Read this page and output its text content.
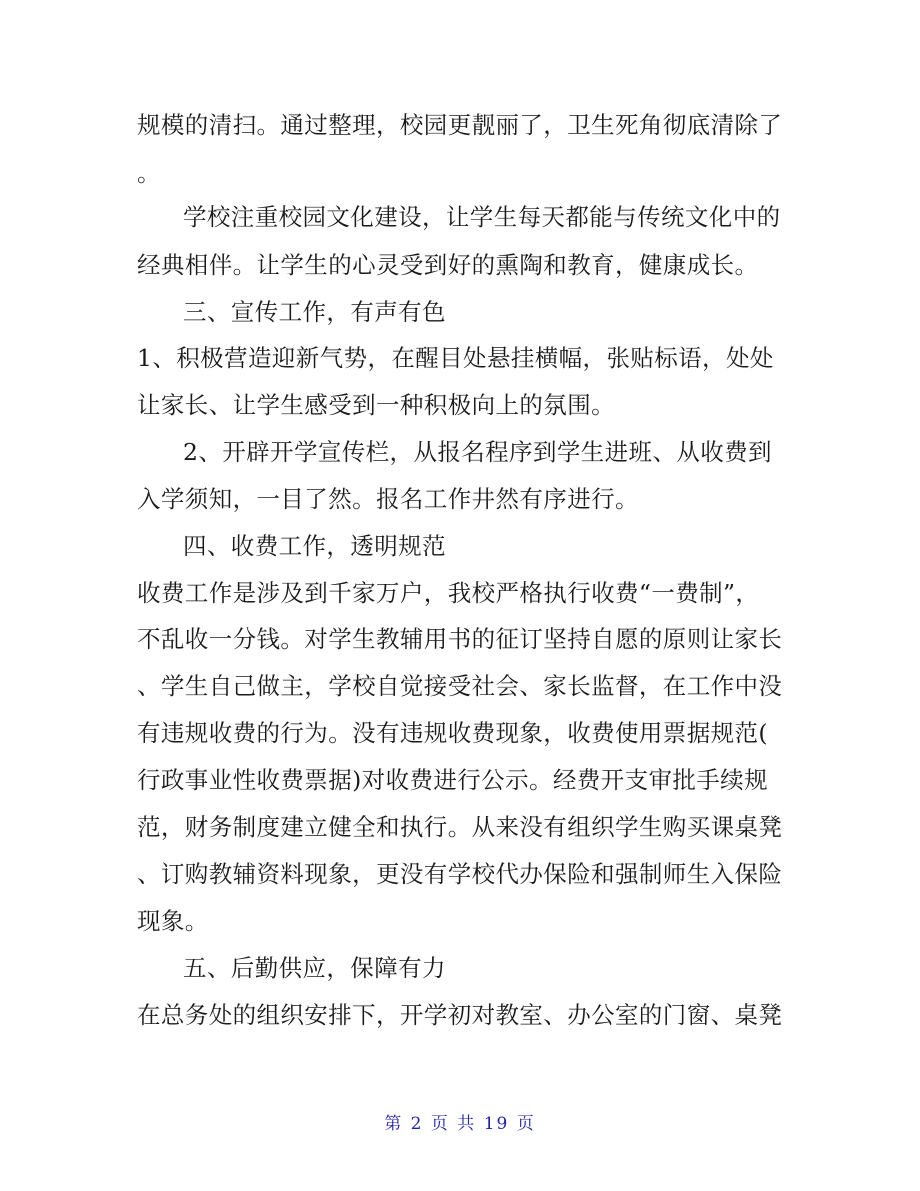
规模的清扫。通过整理，校园更靓丽了，卫生死角彻底清除了
。
学校注重校园文化建设，让学生每天都能与传统文化中的
经典相伴。让学生的心灵受到好的熏陶和教育，健康成长。
三、宣传工作，有声有色
1、积极营造迎新气势，在醒目处悬挂横幅，张贴标语，处处
让家长、让学生感受到一种积极向上的氛围。
2、开辟开学宣传栏，从报名程序到学生进班、从收费到
入学须知，一目了然。报名工作井然有序进行。
四、收费工作，透明规范
收费工作是涉及到千家万户，我校严格执行收费“一费制”，
不乱收一分钱。对学生教辅用书的征订坚持自愿的原则让家长
、学生自己做主，学校自觉接受社会、家长监督，在工作中没
有违规收费的行为。没有违规收费现象，收费使用票据规范(
行政事业性收费票据)对收费进行公示。经费开支审批手续规
范，财务制度建立健全和执行。从来没有组织学生购买课桌凳
、订购教辅资料现象，更没有学校代办保险和强制师生入保险
现象。
五、后勤供应，保障有力
在总务处的组织安排下，开学初对教室、办公室的门窗、桌凳
第 2 页 共 19 页
